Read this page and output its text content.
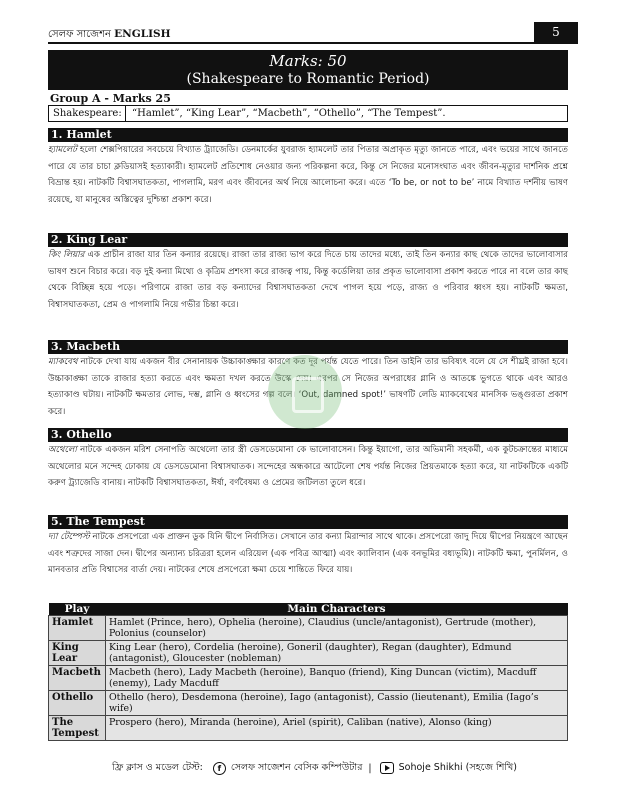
সেলফ সাজেশন ENGLISH	5
Marks: 50
(Shakespeare to Romantic Period)
Group A - Marks 25
Shakespeare:	“Hamlet”, “King Lear”, “Macbeth”, “Othello”, “The Tempest”.
1. Hamlet
হ্যামলেট হলো শেক্সপিয়ারের সবচেয়ে বিখ্যাত ট্র্যাজেডি। ডেনমার্কের যুবরাজ হ্যামলেট তার পিতার অপ্রাকৃত মৃত্যু জানতে পারে, এবং ভয়ের সাথে জানতে পারে যে তার চাচা ক্লডিয়াসই হত্যাকারী। হ্যামলেট প্রতিশোধ নেওয়ার জন্য পরিকল্পনা করে, কিন্তু সে নিজের মনোসংঘাত এবং জীবন-মৃত্যুর দার্শনিক প্রশ্নে বিভ্রান্ত হয়। নাটকটি বিশ্বাসঘাতকতা, পাগলামি, মরণ এবং জীবনের অর্থ নিয়ে আলোচনা করে। এতে ‘To be, or not to be’ নামে বিখ্যাত দর্শনীয় ভাষণ রয়েছে, যা মানুষের অস্তিত্বের দুশ্চিন্তা প্রকাশ করে।
2. King Lear
কিং লিয়ার এক প্রাচীন রাজা যার তিন কন্যার রয়েছে। রাজা তার রাজ্য ভাগ করে দিতে চায় তাদের মধ্যে, তাই তিন কন্যার কাছ থেকে তাদের ভালোবাসার ভাষণ শুনে বিচার করে। বড় দুই কন্যা মিথ্যে ও কৃত্রিম প্রশংসা করে রাজত্ব পায়, কিন্তু কর্ডেলিয়া তার প্রকৃত ভালোবাসা প্রকাশ করতে পারে না বলে তার কাছ থেকে বিচ্ছিন্ন হয়ে পড়ে। পরিণামে রাজা তার বড় কন্যাদের বিশ্বাসঘাতকতা দেখে পাগল হয়ে পড়ে, রাজ্য ও পরিবার ধ্বংস হয়। নাটকটি ক্ষমতা, বিশ্বাসঘাতকতা, প্রেম ও পাগলামি নিয়ে গভীর চিন্তা করে।
3. Macbeth
ম্যাকবেথ নাটকে দেখা যায় একজন বীর সেনানায়ক উচ্চাকাঙ্ক্ষার কারণে কত দূর পর্যন্ত যেতে পারে। তিন ডাইনি তার ভবিষ্যৎ বলে যে সে শীঘ্রই রাজা হবে। উচ্চাকাঙ্ক্ষা তাকে রাজার হত্যা করতে এবং ক্ষমতা দখল করতে উস্কে দেয়। এরপর সে নিজের অপরাধের গ্লানি ও আতঙ্কে ভুগতে থাকে এবং আরও হত্যাকাণ্ড ঘটায়। নাটকটি ক্ষমতার লোভ, দম্ভ, গ্লানি ও ধ্বংসের গল্প বলে। ‘Out, damned spot!’ ভাষণটি লেডি ম্যাকবেথের মানসিক ভঙ্গুরতা প্রকাশ করে।
3. Othello
অথেলো নাটকে একজন মরিশ সেনাপতি অথেলো তার স্ত্রী ডেসডেমোনা কে ভালোবাসেন। কিন্তু ইয়াগো, তার অভিমানী সহকর্মী, এক কুটচক্রান্তের মাধ্যমে অথেলোর মনে সন্দেহ ঢোকায় যে ডেসডেমোনা বিশ্বাসঘাতক। সন্দেহের অন্ধকারে আটেলো শেষ পর্যন্ত নিজের প্রিয়তমাকে হত্যা করে, যা নাটকটিকে একটি করুণ ট্র্যাজেডি বানায়। নাটকটি বিশ্বাসঘাতকতা, ঈর্ষা, বর্ণবৈষম্য ও প্রেমের জটিলতা তুলে ধরে।
5. The Tempest
দ্যা টেম্পেস্ট নাটকে প্রসপেরো এক প্রাক্তন ডুক যিনি দ্বীপে নির্বাসিত। সেখানে তার কন্যা মিরান্দার সাথে থাকে। প্রসপেরো জাদু দিয়ে দ্বীপের নিয়ন্ত্রণে আছেন এবং শত্রুদের সাজা দেন। দ্বীপের অন্যান্য চরিত্ররা হলেন এরিয়েল (এক পবিত্র আত্মা) এবং ক্যালিবান (এক বনভূমির বধ্যভূমি)। নাটকটি ক্ষমা, পুনর্মিলন, ও মানবতার প্রতি বিশ্বাসের বার্তা দেয়। নাটকের শেষে প্রসপেরো ক্ষমা চেয়ে শান্তিতে ফিরে যায়।
Play	Main Characters
Hamlet	Hamlet (Prince, hero), Ophelia (heroine), Claudius (uncle/antagonist), Gertrude (mother), Polonius (counselor)
King Lear	King Lear (hero), Cordelia (heroine), Goneril (daughter), Regan (daughter), Edmund (antagonist), Gloucester (nobleman)
Macbeth	Macbeth (hero), Lady Macbeth (heroine), Banquo (friend), King Duncan (victim), Macduff (enemy), Lady Macduff
Othello	Othello (hero), Desdemona (heroine), Iago (antagonist), Cassio (lieutenant), Emilia (Iago’s wife)
The Tempest	Prospero (hero), Miranda (heroine), Ariel (spirit), Caliban (native), Alonso (king)
ফ্রি ক্লাস ও মডেল টেস্ট:	f	সেলফ সাজেশন বেসিক কম্পিউটার |	Sohoje Shikhi (সহজে শিখি)
